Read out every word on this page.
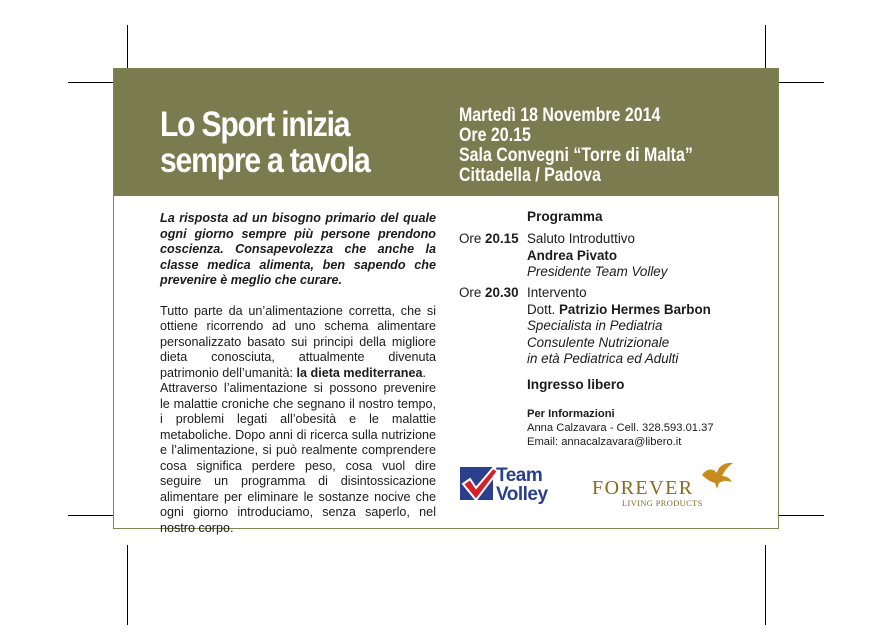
Lo Sport inizia
sempre a tavola
Martedì 18 Novembre 2014
Ore 20.15
Sala Convegni “Torre di Malta”
Cittadella / Padova

La risposta ad un bisogno primario del quale ogni giorno sempre più persone prendono coscienza. Consapevolezza che anche la classe medica alimenta, ben sapendo che prevenire è meglio che curare.

Tutto parte da un’alimentazione corretta, che si ottiene ricorrendo ad uno schema alimentare personalizzato basato sui principi della migliore dieta conosciuta, attualmente divenuta patrimonio dell’umanità: la dieta mediterranea.

Attraverso l’alimentazione si possono prevenire le malattie croniche che segnano il nostro tempo, i problemi legati all’obesità e le malattie metaboliche. Dopo anni di ricerca sulla nutrizione e l’alimentazione, si può realmente comprendere cosa significa perdere peso, cosa vuol dire seguire un programma di disintossicazione alimentare per eliminare le sostanze nocive che ogni giorno introduciamo, senza saperlo, nel nostro corpo.

Programma
Ore 20.15 Saluto Introduttivo
Andrea Pivato
Presidente Team Volley
Ore 20.30 Intervento
Dott. Patrizio Hermes Barbon
Specialista in Pediatria
Consulente Nutrizionale
in età Pediatrica ed Adulti
Ingresso libero
Per Informazioni
Anna Calzavara - Cell. 328.593.01.37
Email: annacalzavara@libero.it
Team
Volley FOREVER
LIVING PRODUCTS
